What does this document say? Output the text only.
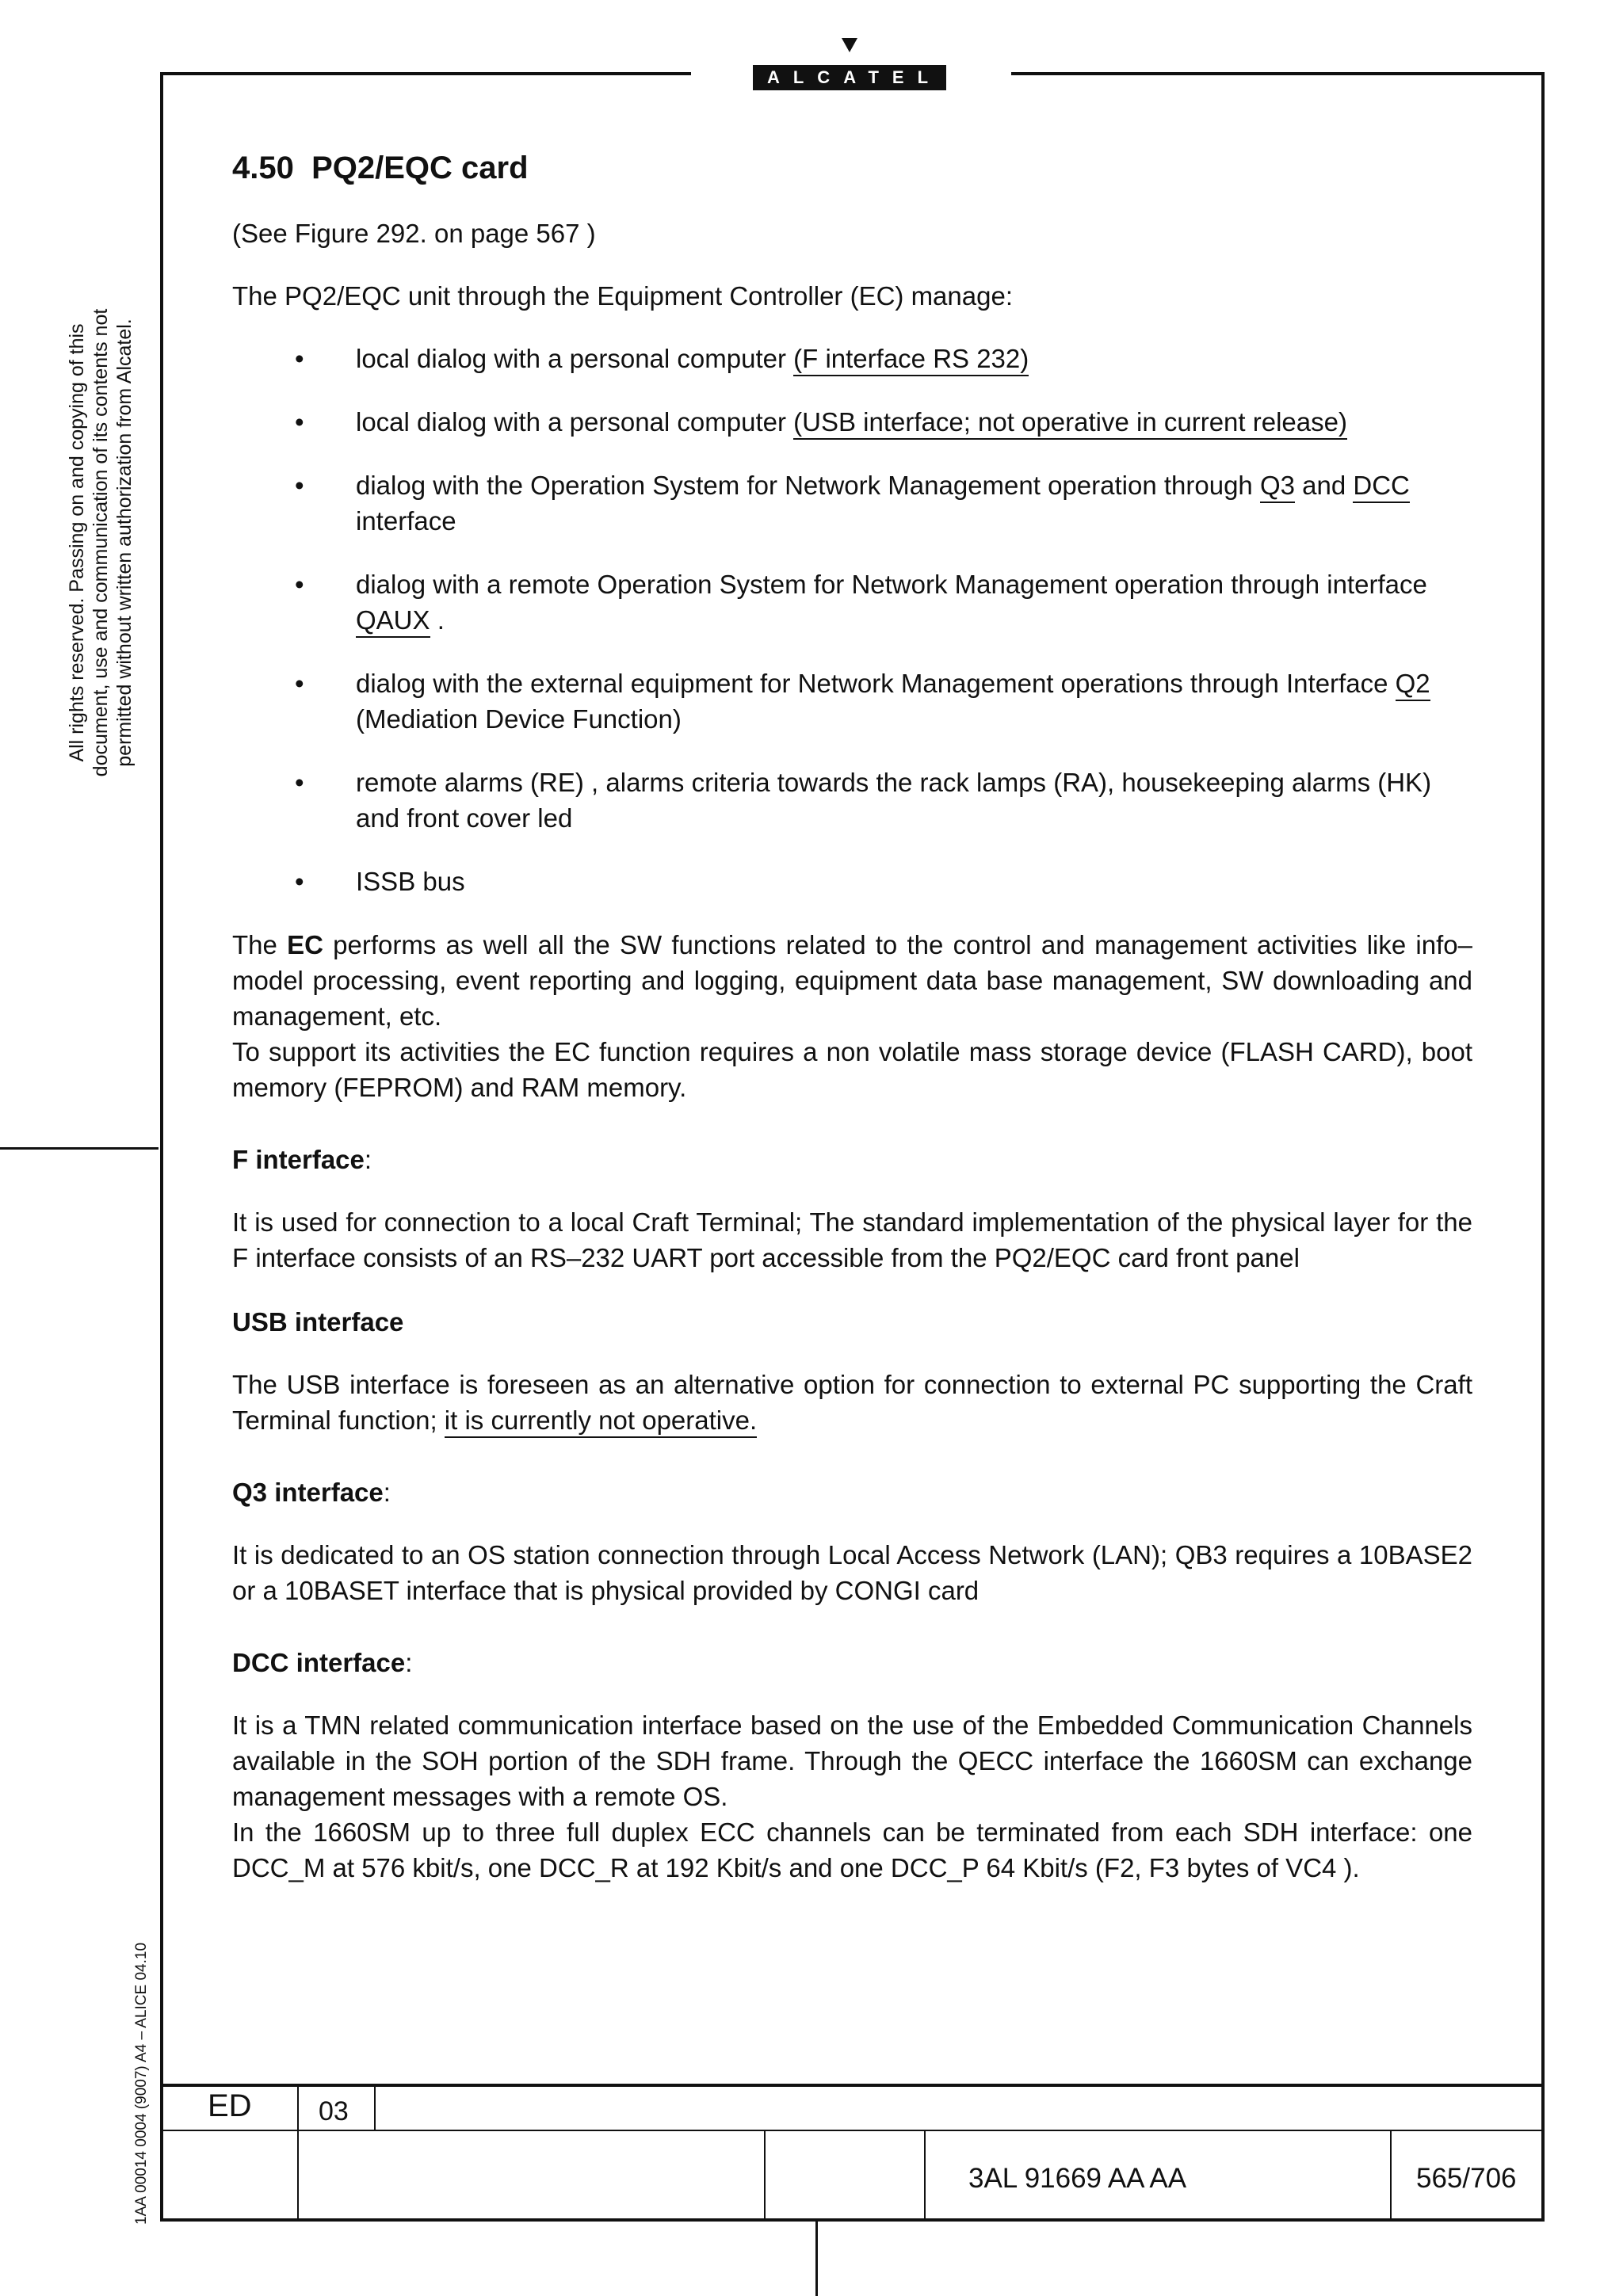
ALCATEL
All rights reserved. Passing on and copying of this document, use and communication of its contents not permitted without written authorization from Alcatel.
1AA 00014 0004 (9007) A4 – ALICE 04.10
4.50 PQ2/EQC card

(See Figure 292. on page 567 )

The PQ2/EQC unit through the Equipment Controller (EC) manage:

• local dialog with a personal computer (F interface RS 232)
• local dialog with a personal computer (USB interface; not operative in current release)
• dialog with the Operation System for Network Management operation through Q3 and DCC interface
• dialog with a remote Operation System for Network Management operation through interface QAUX .
• dialog with the external equipment for Network Management operations through Interface Q2 (Mediation Device Function)
• remote alarms (RE) , alarms criteria towards the rack lamps (RA), housekeeping alarms (HK) and front cover led
• ISSB bus

The EC performs as well all the SW functions related to the control and management activities like info–model processing, event reporting and logging, equipment data base management, SW downloading and management, etc.

To support its activities the EC function requires a non volatile mass storage device (FLASH CARD), boot memory (FEPROM) and RAM memory.

F interface:

It is used for connection to a local Craft Terminal; The standard implementation of the physical layer for the F interface consists of an RS–232 UART port accessible from the PQ2/EQC card front panel

USB interface

The USB interface is foreseen as an alternative option for connection to external PC supporting the Craft Terminal function; it is currently not operative.

Q3 interface:

It is dedicated to an OS station connection through Local Access Network (LAN); QB3 requires a 10BASE2 or a 10BASET interface that is physical provided by CONGI card

DCC interface:

It is a TMN related communication interface based on the use of the Embedded Communication Channels available in the SOH portion of the SDH frame. Through the QECC interface the 1660SM can exchange management messages with a remote OS.

In the 1660SM up to three full duplex ECC channels can be terminated from each SDH interface: one DCC_M at 576 kbit/s, one DCC_R at 192 Kbit/s and one DCC_P 64 Kbit/s (F2, F3 bytes of VC4 ).

ED 03
3AL 91669 AA AA	565/706
